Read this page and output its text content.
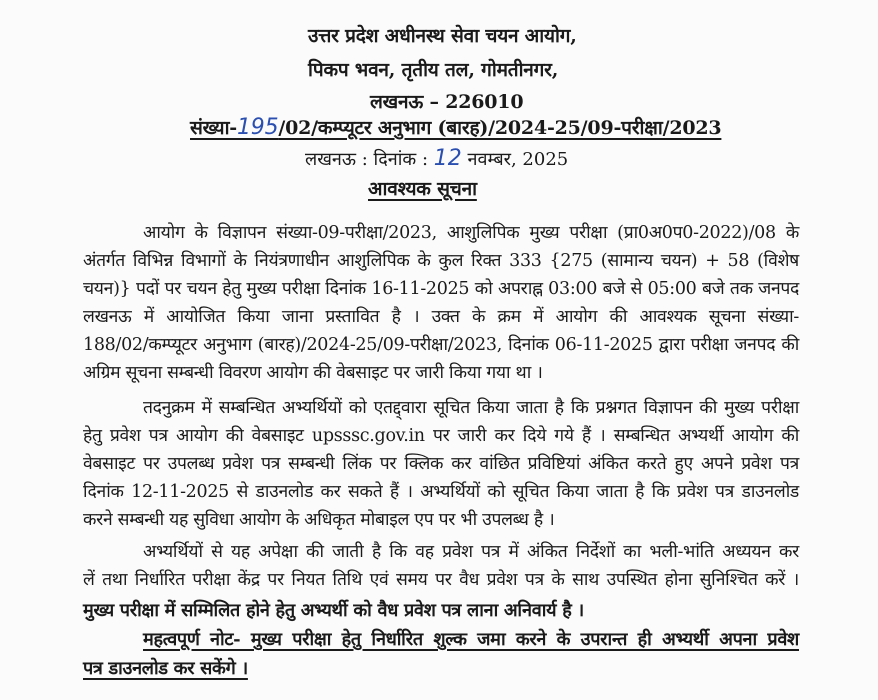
उत्तर प्रदेश अधीनस्थ सेवा चयन आयोग,
पिकप भवन, तृतीय तल, गोमतीनगर,
लखनऊ – 226010
संख्या-195/02/कम्प्यूटर अनुभाग (बारह)/2024-25/09-परीक्षा/2023
लखनऊ : दिनांक : 12 नवम्बर, 2025
आवश्यक सूचना
आयोग के विज्ञापन संख्या-09-परीक्षा/2023, आशुलिपिक मुख्य परीक्षा (प्रा0अ0प0-2022)/08 के
अंतर्गत विभिन्न विभागों के नियंत्रणाधीन आशुलिपिक के कुल रिक्त 333 {275 (सामान्य चयन) + 58 (विशेष
चयन)} पदों पर चयन हेतु मुख्य परीक्षा दिनांक 16-11-2025 को अपराह्न 03:00 बजे से 05:00 बजे तक जनपद
लखनऊ में आयोजित किया जाना प्रस्तावित है । उक्त के क्रम में आयोग की आवश्यक सूचना संख्या-
188/02/कम्प्यूटर अनुभाग (बारह)/2024-25/09-परीक्षा/2023, दिनांक 06-11-2025 द्वारा परीक्षा जनपद की
अग्रिम सूचना सम्बन्धी विवरण आयोग की वेबसाइट पर जारी किया गया था ।
तदनुक्रम में सम्बन्धित अभ्यर्थियों को एतद्द्वारा सूचित किया जाता है कि प्रश्नगत विज्ञापन की मुख्य परीक्षा
हेतु प्रवेश पत्र आयोग की वेबसाइट upsssc.gov.in पर जारी कर दिये गये हैं । सम्बन्धित अभ्यर्थी आयोग की
वेबसाइट पर उपलब्ध प्रवेश पत्र सम्बन्धी लिंक पर क्लिक कर वांछित प्रविष्टियां अंकित करते हुए अपने प्रवेश पत्र
दिनांक 12-11-2025 से डाउनलोड कर सकते हैं । अभ्यर्थियों को सूचित किया जाता है कि प्रवेश पत्र डाउनलोड
करने सम्बन्धी यह सुविधा आयोग के अधिकृत मोबाइल एप पर भी उपलब्ध है ।
अभ्यर्थियों से यह अपेक्षा की जाती है कि वह प्रवेश पत्र में अंकित निर्देशों का भली-भांति अध्ययन कर
लें तथा निर्धारित परीक्षा केंद्र पर नियत तिथि एवं समय पर वैध प्रवेश पत्र के साथ उपस्थित होना सुनिश्चित करें ।
मुख्य परीक्षा में सम्मिलित होने हेतु अभ्यर्थी को वैध प्रवेश पत्र लाना अनिवार्य है ।
महत्वपूर्ण नोट- मुख्य परीक्षा हेतु निर्धारित शुल्क जमा करने के उपरान्त ही अभ्यर्थी अपना प्रवेश
पत्र डाउनलोड कर सकेंगे ।
